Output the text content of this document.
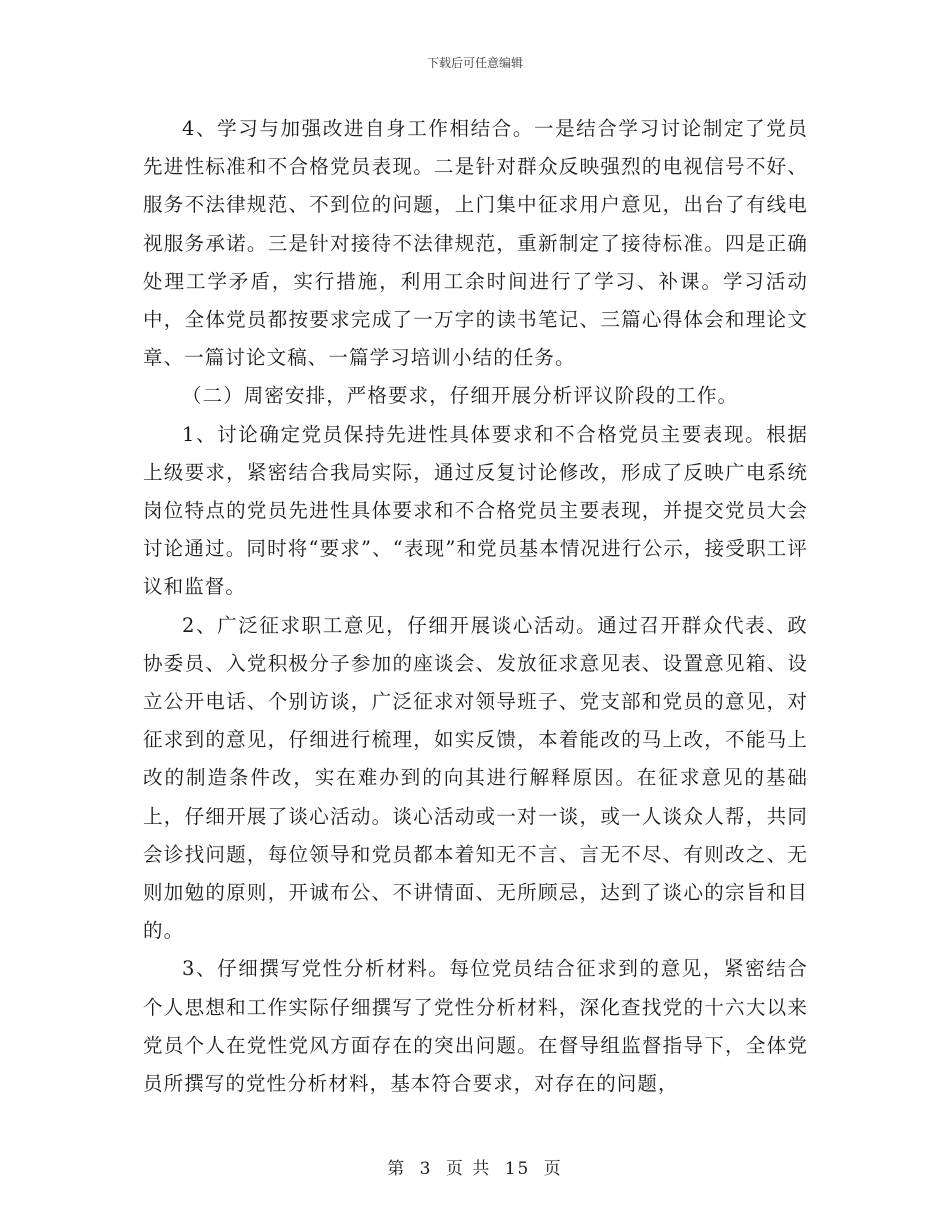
下载后可任意编辑

4、学习与加强改进自身工作相结合。一是结合学习讨论制定了党员先进性标准和不合格党员表现。二是针对群众反映强烈的电视信号不好、服务不法律规范、不到位的问题，上门集中征求用户意见，出台了有线电视服务承诺。三是针对接待不法律规范，重新制定了接待标准。四是正确处理工学矛盾，实行措施，利用工余时间进行了学习、补课。学习活动中，全体党员都按要求完成了一万字的读书笔记、三篇心得体会和理论文章、一篇讨论文稿、一篇学习培训小结的任务。

（二）周密安排，严格要求，仔细开展分析评议阶段的工作。

1、讨论确定党员保持先进性具体要求和不合格党员主要表现。根据上级要求，紧密结合我局实际，通过反复讨论修改，形成了反映广电系统岗位特点的党员先进性具体要求和不合格党员主要表现，并提交党员大会讨论通过。同时将“要求”、“表现”和党员基本情况进行公示，接受职工评议和监督。

2、广泛征求职工意见，仔细开展谈心活动。通过召开群众代表、政协委员、入党积极分子参加的座谈会、发放征求意见表、设置意见箱、设立公开电话、个别访谈，广泛征求对领导班子、党支部和党员的意见，对征求到的意见，仔细进行梳理，如实反馈，本着能改的马上改，不能马上改的制造条件改，实在难办到的向其进行解释原因。在征求意见的基础上，仔细开展了谈心活动。谈心活动或一对一谈，或一人谈众人帮，共同会诊找问题，每位领导和党员都本着知无不言、言无不尽、有则改之、无则加勉的原则，开诚布公、不讲情面、无所顾忌，达到了谈心的宗旨和目的。

3、仔细撰写党性分析材料。每位党员结合征求到的意见，紧密结合个人思想和工作实际仔细撰写了党性分析材料，深化查找党的十六大以来党员个人在党性党风方面存在的突出问题。在督导组监督指导下，全体党员所撰写的党性分析材料，基本符合要求，对存在的问题，

第 3 页 共 15 页
